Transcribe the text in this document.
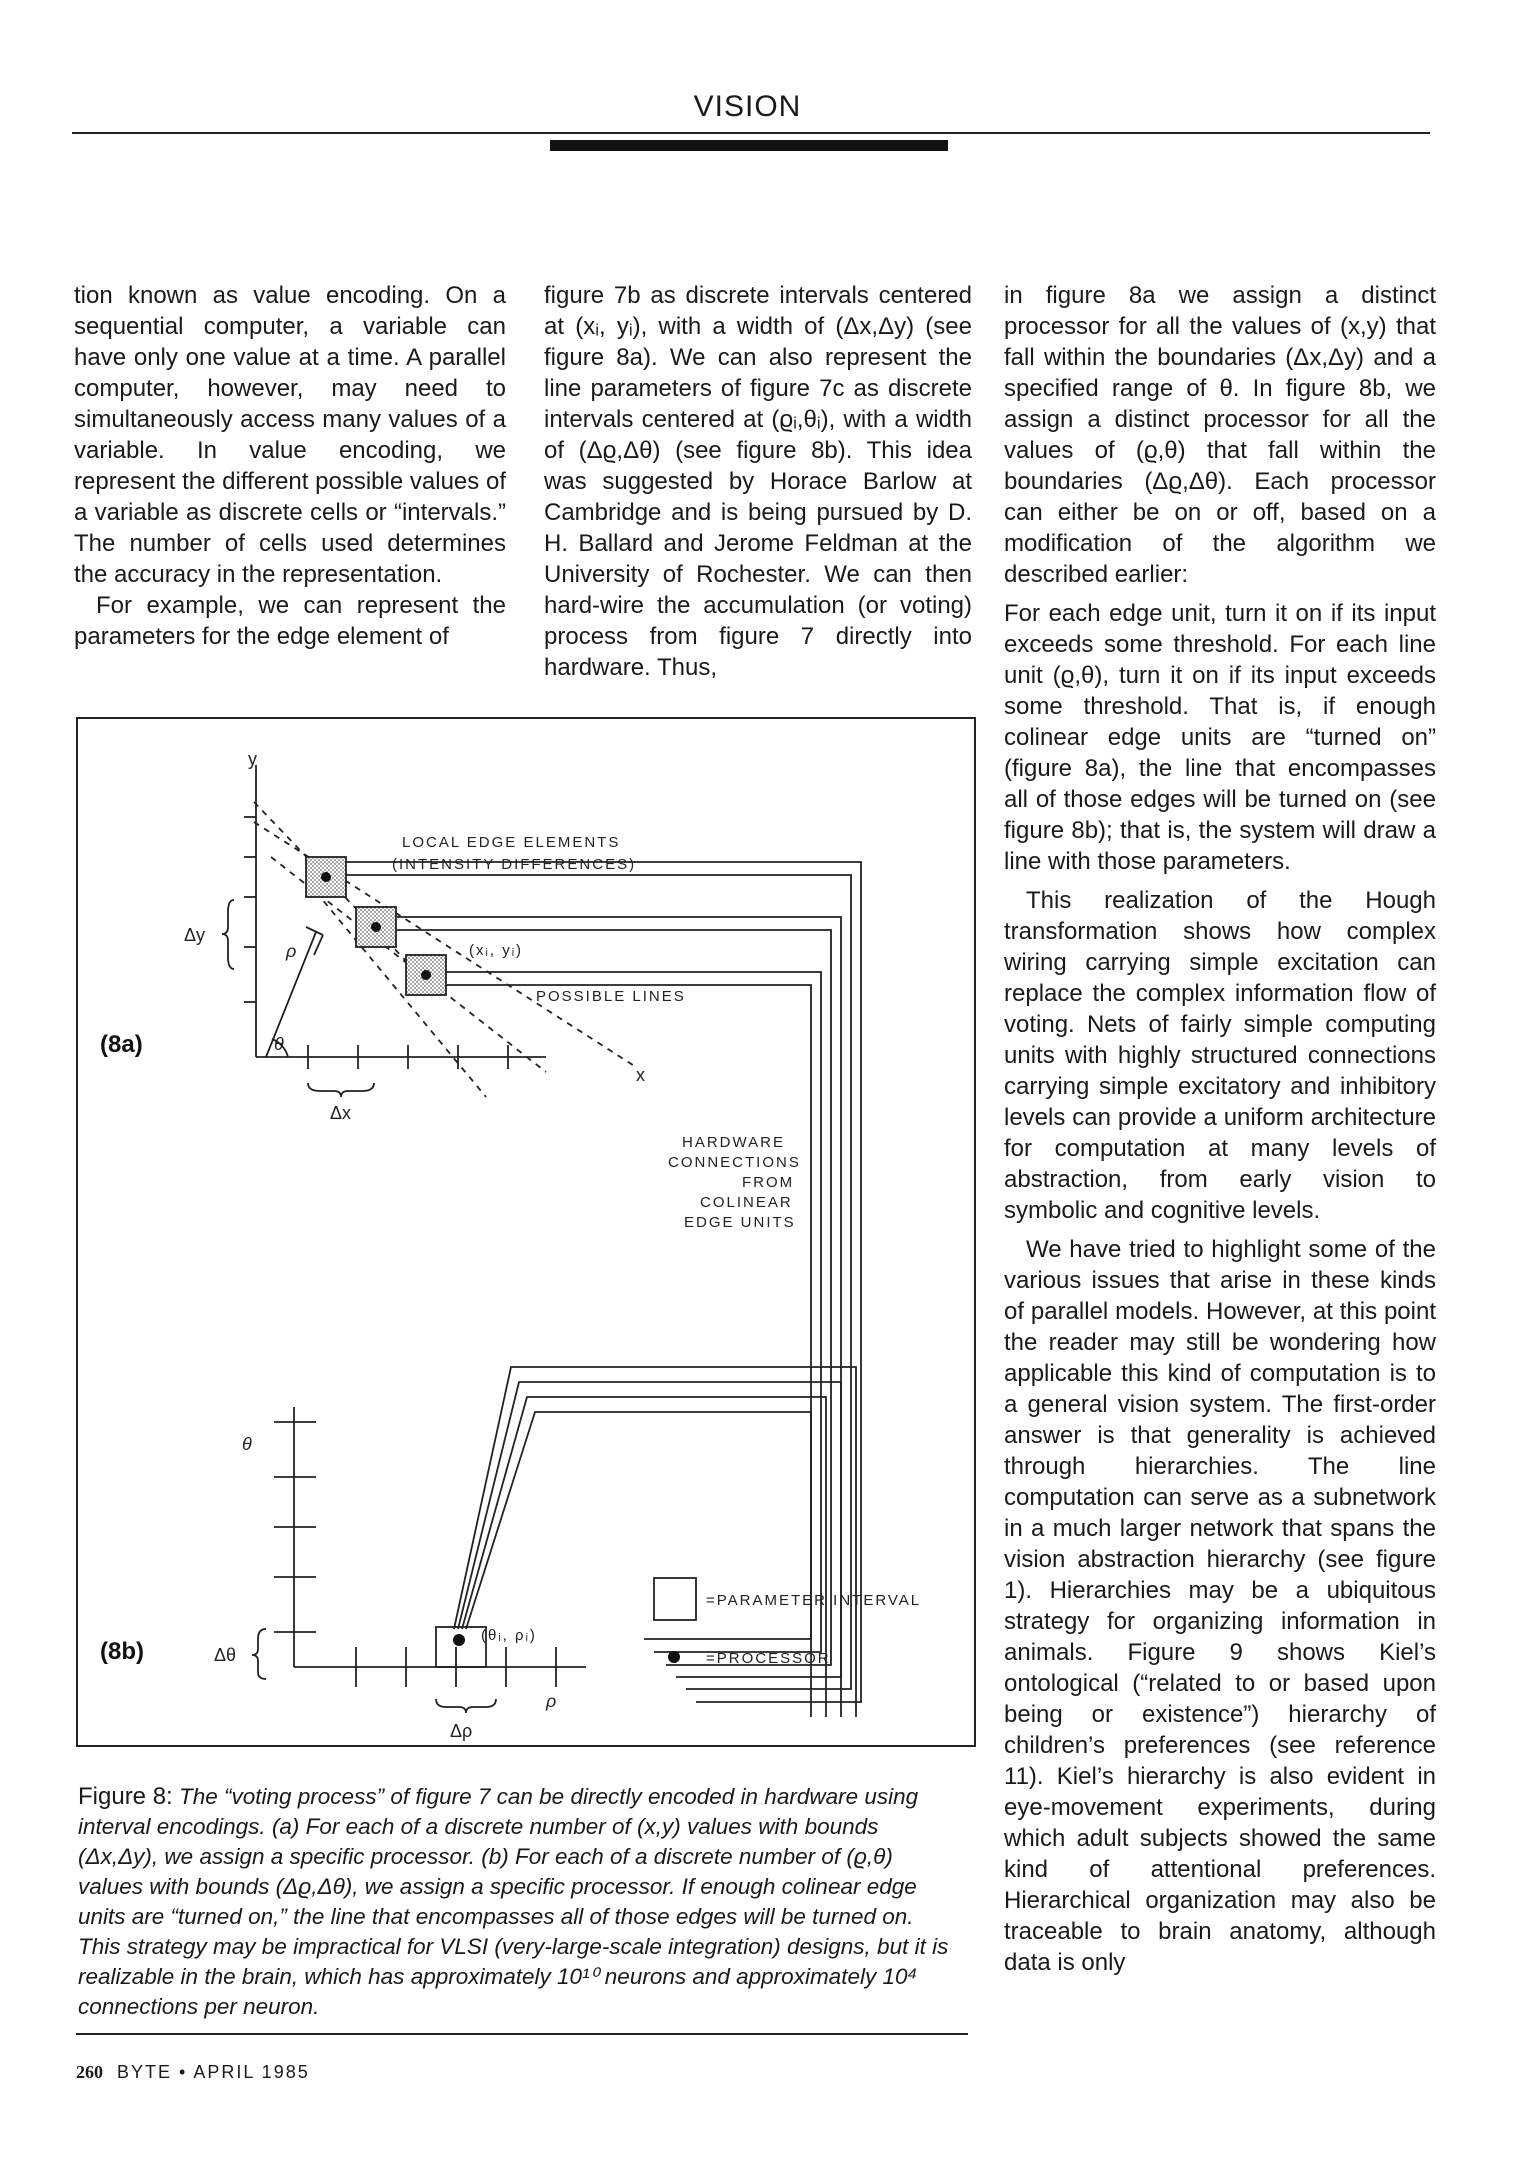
VISION

tion known as value encoding. On a sequential computer, a variable can have only one value at a time. A parallel computer, however, may need to simultaneously access many values of a variable. In value encoding, we represent the different possible values of a variable as discrete cells or “intervals.” The number of cells used determines the accuracy in the representation.

For example, we can represent the parameters for the edge element of

figure 7b as discrete intervals centered at (xᵢ, yᵢ), with a width of (Δx,Δy) (see figure 8a). We can also represent the line parameters of figure 7c as discrete intervals centered at (ϱᵢ,θᵢ), with a width of (Δϱ,Δθ) (see figure 8b). This idea was suggested by Horace Barlow at Cambridge and is being pursued by D. H. Ballard and Jerome Feldman at the University of Rochester. We can then hard-wire the accumulation (or voting) process from figure 7 directly into hardware. Thus,

in figure 8a we assign a distinct processor for all the values of (x,y) that fall within the boundaries (Δx,Δy) and a specified range of θ. In figure 8b, we assign a distinct processor for all the values of (ϱ,θ) that fall within the boundaries (Δϱ,Δθ). Each processor can either be on or off, based on a modification of the algorithm we described earlier:

For each edge unit, turn it on if its input exceeds some threshold. For each line unit (ϱ,θ), turn it on if its input exceeds some threshold. That is, if enough colinear edge units are “turned on” (figure 8a), the line that encompasses all of those edges will be turned on (see figure 8b); that is, the system will draw a line with those parameters.

This realization of the Hough transformation shows how complex wiring carrying simple excitation can replace the complex information flow of voting. Nets of fairly simple computing units with highly structured connections carrying simple excitatory and inhibitory levels can provide a uniform architecture for computation at many levels of abstraction, from early vision to symbolic and cognitive levels.

We have tried to highlight some of the various issues that arise in these kinds of parallel models. However, at this point the reader may still be wondering how applicable this kind of computation is to a general vision system. The first-order answer is that generality is achieved through hierarchies. The line computation can serve as a subnetwork in a much larger network that spans the vision abstraction hierarchy (see figure 1). Hierarchies may be a ubiquitous strategy for organizing information in animals. Figure 9 shows Kiel’s ontological (“related to or based upon being or existence”) hierarchy of children’s preferences (see reference 11). Kiel’s hierarchy is also evident in eye-movement experiments, during which adult subjects showed the same kind of attentional preferences. Hierarchical organization may also be traceable to brain anatomy, although data is only

LOCAL EDGE ELEMENTS
(INTENSITY DIFFERENCES)
POSSIBLE LINES
(xᵢ, yᵢ)
HARDWARE
CONNECTIONS
FROM
COLINEAR
EDGE UNITS
=PARAMETER INTERVAL
=PROCESSOR
(θᵢ, ρᵢ)
y
x
Δy
Δx
ρ
θ
θ
ρ
Δθ
Δρ
(8a)
(8b)
Figure 8: The “voting process” of figure 7 can be directly encoded in hardware using interval encodings. (a) For each of a discrete number of (x,y) values with bounds (Δx,Δy), we assign a specific processor. (b) For each of a discrete number of (ϱ,θ) values with bounds (Δϱ,Δθ), we assign a specific processor. If enough colinear edge units are “turned on,” the line that encompasses all of those edges will be turned on. This strategy may be impractical for VLSI (very-large-scale integration) designs, but it is realizable in the brain, which has approximately 10¹⁰ neurons and approximately 10⁴ connections per neuron.
260 BYTE • APRIL 1985
